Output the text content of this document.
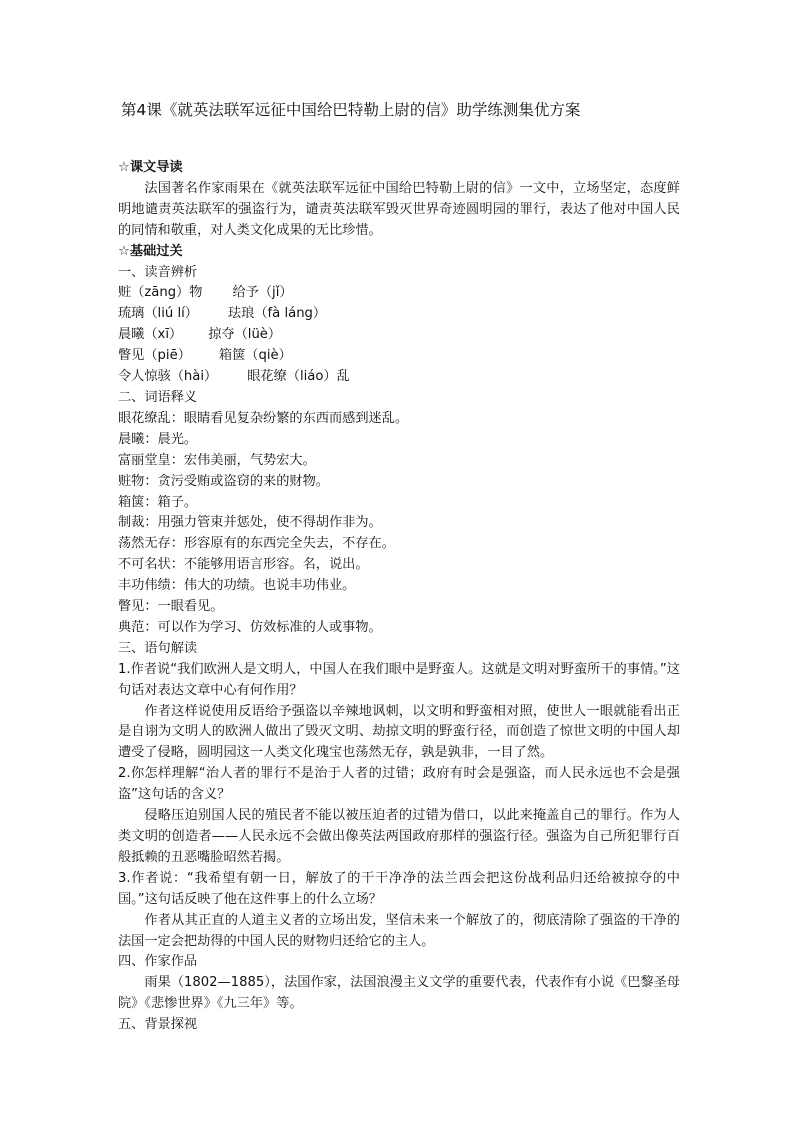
第4课《就英法联军远征中国给巴特勒上尉的信》助学练测集优方案
☆课文导读

法国著名作家雨果在《就英法联军远征中国给巴特勒上尉的信》一文中，立场坚定，态度鲜明地谴责英法联军的强盗行为，谴责英法联军毁灭世界奇迹圆明园的罪行，表达了他对中国人民的同情和敬重，对人类文化成果的无比珍惜。

☆基础过关
一、读音辨析
赃（zāng）物 给予（jǐ）
琉璃（liú lí） 珐琅（fà láng）
晨曦（xī） 掠夺（lüè）
瞥见（piē） 箱箧（qiè）
令人惊骇（hài） 眼花缭（liáo）乱
二、词语释义
眼花缭乱：眼睛看见复杂纷繁的东西而感到迷乱。
晨曦：晨光。
富丽堂皇：宏伟美丽，气势宏大。
赃物：贪污受贿或盗窃的来的财物。
箱箧：箱子。
制裁：用强力管束并惩处，使不得胡作非为。
荡然无存：形容原有的东西完全失去，不存在。
不可名状：不能够用语言形容。名，说出。
丰功伟绩：伟大的功绩。也说丰功伟业。
瞥见：一眼看见。
典范：可以作为学习、仿效标准的人或事物。
三、语句解读

1.作者说“我们欧洲人是文明人，中国人在我们眼中是野蛮人。这就是文明对野蛮所干的事情。”这句话对表达文章中心有何作用？

作者这样说使用反语给予强盗以辛辣地讽刺，以文明和野蛮相对照，使世人一眼就能看出正是自诩为文明人的欧洲人做出了毁灭文明、劫掠文明的野蛮行径，而创造了惊世文明的中国人却遭受了侵略，圆明园这一人类文化瑰宝也荡然无存，孰是孰非，一目了然。

2.你怎样理解“治人者的罪行不是治于人者的过错；政府有时会是强盗，而人民永远也不会是强盗”这句话的含义？

侵略压迫别国人民的殖民者不能以被压迫者的过错为借口，以此来掩盖自己的罪行。作为人类文明的创造者——人民永远不会做出像英法两国政府那样的强盗行径。强盗为自己所犯罪行百般抵赖的丑恶嘴脸昭然若揭。

3.作者说：“我希望有朝一日，解放了的干干净净的法兰西会把这份战利品归还给被掠夺的中国。”这句话反映了他在这件事上的什么立场？

作者从其正直的人道主义者的立场出发，坚信未来一个解放了的，彻底清除了强盗的干净的法国一定会把劫得的中国人民的财物归还给它的主人。

四、作家作品

雨果（1802—1885），法国作家，法国浪漫主义文学的重要代表，代表作有小说《巴黎圣母院》《悲惨世界》《九三年》等。

五、背景探视
